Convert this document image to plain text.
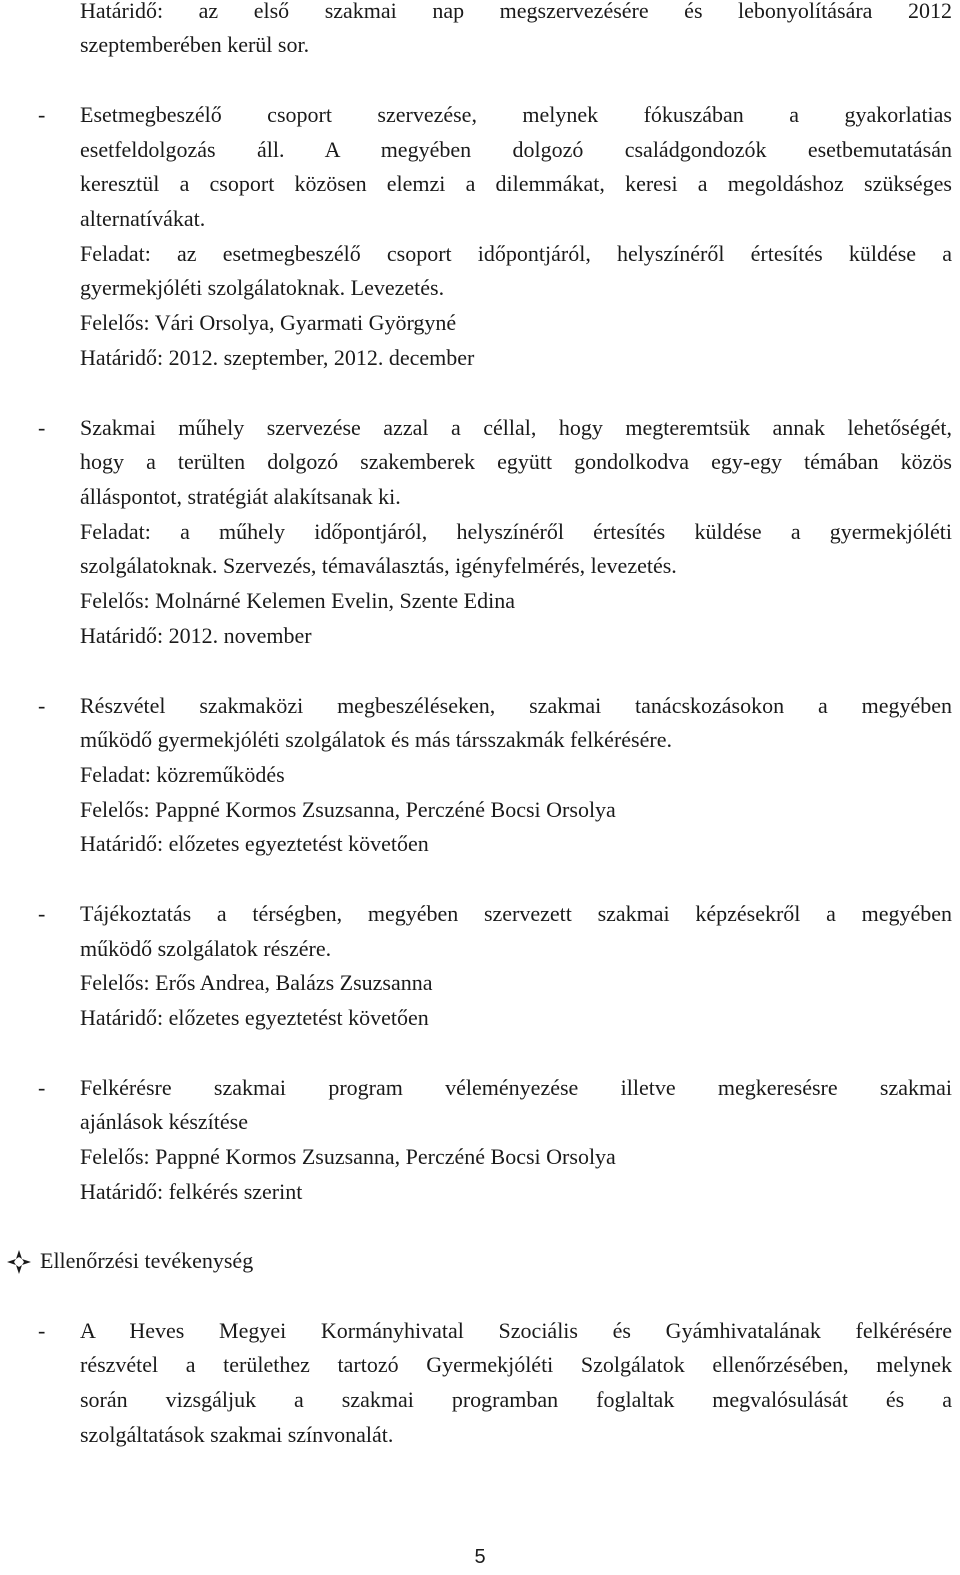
Határidő: az első szakmai nap megszervezésére és lebonyolítására 2012
szeptemberében kerül sor.
-	Esetmegbeszélő csoport szervezése, melynek fókuszában a gyakorlatias
esetfeldolgozás áll. A megyében dolgozó családgondozók esetbemutatásán
keresztül a csoport közösen elemzi a dilemmákat, keresi a megoldáshoz szükséges
alternatívákat.
Feladat: az esetmegbeszélő csoport időpontjáról, helyszínéről értesítés küldése a
gyermekjóléti szolgálatoknak. Levezetés.
Felelős: Vári Orsolya, Gyarmati Györgyné
Határidő: 2012. szeptember, 2012. december
-	Szakmai műhely szervezése azzal a céllal, hogy megteremtsük annak lehetőségét,
hogy a terülten dolgozó szakemberek együtt gondolkodva egy-egy témában közös
álláspontot, stratégiát alakítsanak ki.
Feladat: a műhely időpontjáról, helyszínéről értesítés küldése a gyermekjóléti
szolgálatoknak. Szervezés, témaválasztás, igényfelmérés, levezetés.
Felelős: Molnárné Kelemen Evelin, Szente Edina
Határidő: 2012. november
-	Részvétel szakmaközi megbeszéléseken, szakmai tanácskozásokon a megyében
működő gyermekjóléti szolgálatok és más társszakmák felkérésére.
Feladat: közreműködés
Felelős: Pappné Kormos Zsuzsanna, Perczéné Bocsi Orsolya
Határidő: előzetes egyeztetést követően
-	Tájékoztatás a térségben, megyében szervezett szakmai képzésekről a megyében
működő szolgálatok részére.
Felelős: Erős Andrea, Balázs Zsuzsanna
Határidő: előzetes egyeztetést követően
-	Felkérésre szakmai program véleményezése illetve megkeresésre szakmai
ajánlások készítése
Felelős: Pappné Kormos Zsuzsanna, Perczéné Bocsi Orsolya
Határidő: felkérés szerint
Ellenőrzési tevékenység
-	A Heves Megyei Kormányhivatal Szociális és Gyámhivatalának felkérésére
részvétel a területhez tartozó Gyermekjóléti Szolgálatok ellenőrzésében, melynek
során vizsgáljuk a szakmai programban foglaltak megvalósulását és a
szolgáltatások szakmai színvonalát.
5
